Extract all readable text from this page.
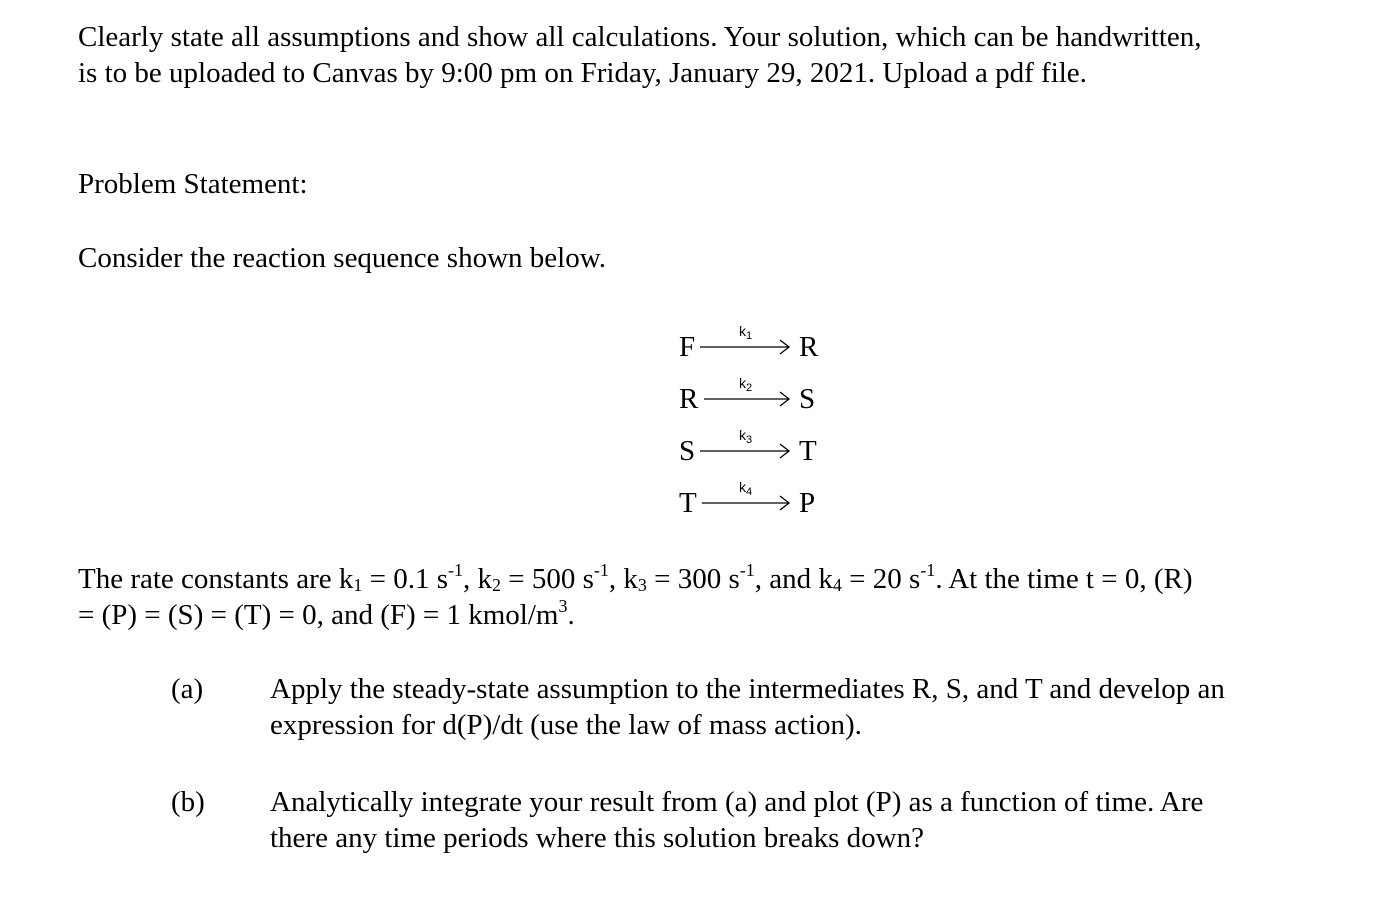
Clearly state all assumptions and show all calculations. Your solution, which can be handwritten,
is to be uploaded to Canvas by 9:00 pm on Friday, January 29, 2021. Upload a pdf file.
Problem Statement:
Consider the reaction sequence shown below.
F	$k_1$ R
R	$k_2$ S
S	$k_3$ T
T	$k_4$ P
The rate constants are $k_1 = 0.1$ $s^{-1}$, $k_2 = 500$ $s^{-1}$, $k_3 = 300$ $s^{-1}$, and $k_4 = 20$ $s^{-1}$. At the time t = 0, (R)
= (P) = (S) = (T) = 0, and (F) = 1 kmol/$m^3$.
(a) Apply the steady-state assumption to the intermediates R, S, and T and develop an
expression for d(P)/dt (use the law of mass action).
(b) Analytically integrate your result from (a) and plot (P) as a function of time. Are
there any time periods where this solution breaks down?
